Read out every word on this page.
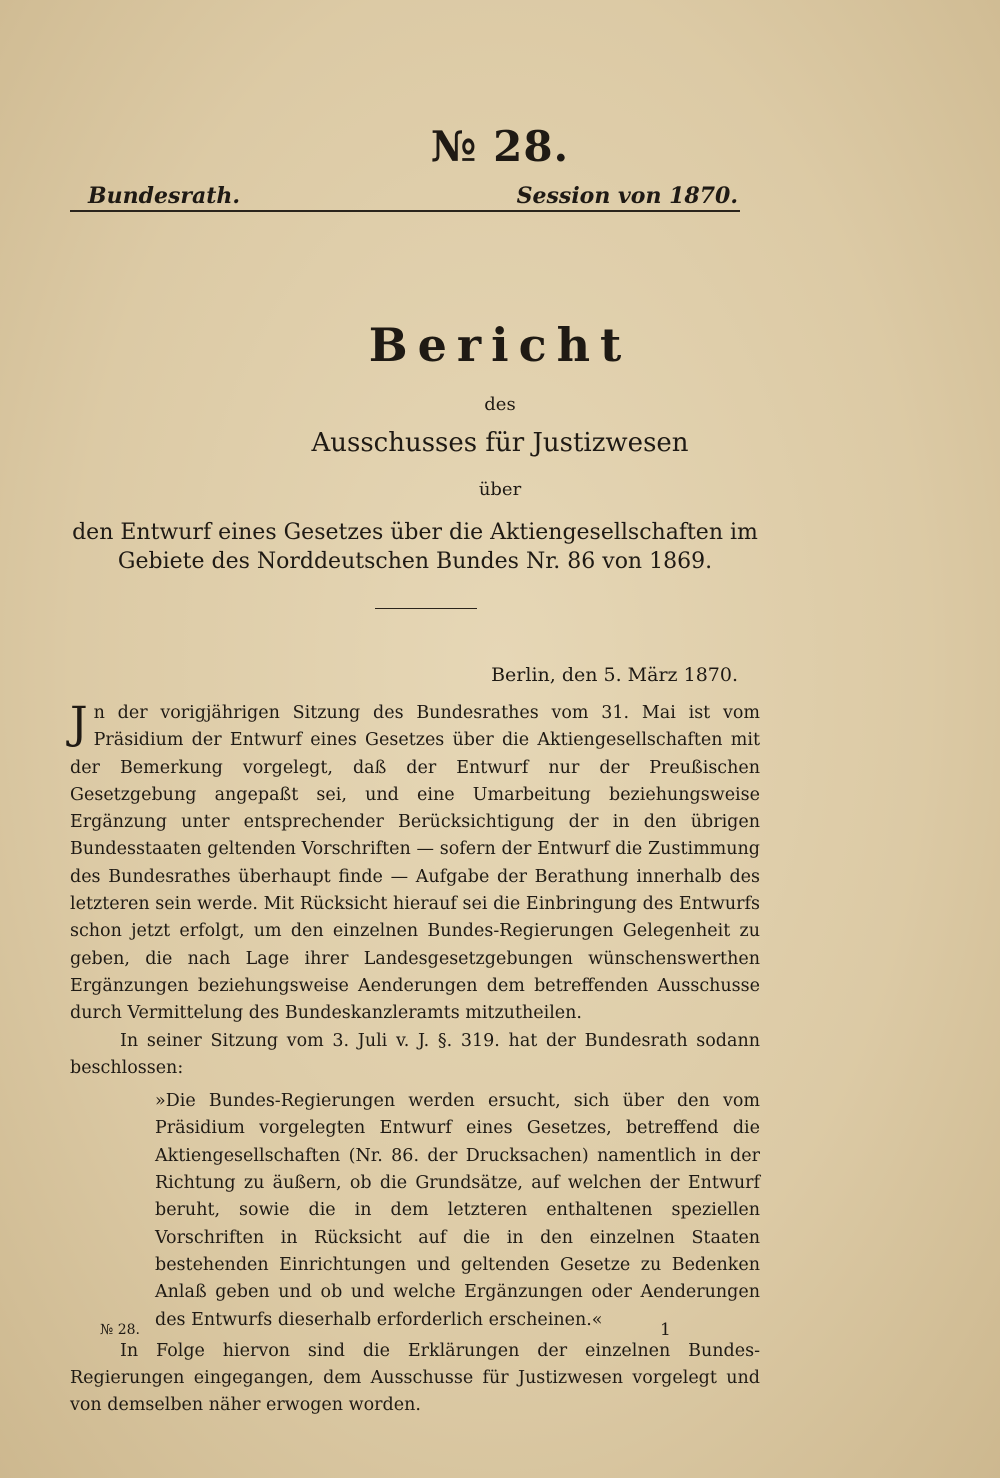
№ 28.
Bundesrath.	Session von 1870.
Bericht
des
Ausschusses für Justizwesen
über
den Entwurf eines Gesetzes über die Aktiengesellschaften im Gebiete des Norddeutschen Bundes Nr. 86 von 1869.
Berlin, den 5. März 1870.

Jn der vorigjährigen Sitzung des Bundesrathes vom 31. Mai ist vom Präsidium der Entwurf eines Gesetzes über die Aktiengesellschaften mit der Bemerkung vorgelegt, daß der Entwurf nur der Preußischen Gesetzgebung angepaßt sei, und eine Umarbeitung beziehungsweise Ergänzung unter entsprechender Berücksichtigung der in den übrigen Bundesstaaten geltenden Vorschriften — sofern der Entwurf die Zustimmung des Bundesrathes überhaupt finde — Aufgabe der Berathung innerhalb des letzteren sein werde. Mit Rücksicht hierauf sei die Einbringung des Entwurfs schon jetzt erfolgt, um den einzelnen Bundes-Regierungen Gelegenheit zu geben, die nach Lage ihrer Landesgesetzgebungen wünschenswerthen Ergänzungen beziehungsweise Aenderungen dem betreffenden Ausschusse durch Vermittelung des Bundeskanzleramts mitzutheilen.

In seiner Sitzung vom 3. Juli v. J. §. 319. hat der Bundesrath sodann beschlossen:

»Die Bundes-Regierungen werden ersucht, sich über den vom Präsidium vorgelegten Entwurf eines Gesetzes, betreffend die Aktiengesellschaften (Nr. 86. der Drucksachen) namentlich in der Richtung zu äußern, ob die Grundsätze, auf welchen der Entwurf beruht, sowie die in dem letzteren enthaltenen speziellen Vorschriften in Rücksicht auf die in den einzelnen Staaten bestehenden Einrichtungen und geltenden Gesetze zu Bedenken Anlaß geben und ob und welche Ergänzungen oder Aenderungen des Entwurfs dieserhalb erforderlich erscheinen.«

In Folge hiervon sind die Erklärungen der einzelnen Bundes-Regierungen eingegangen, dem Ausschusse für Justizwesen vorgelegt und von demselben näher erwogen worden.

№ 28.	1
